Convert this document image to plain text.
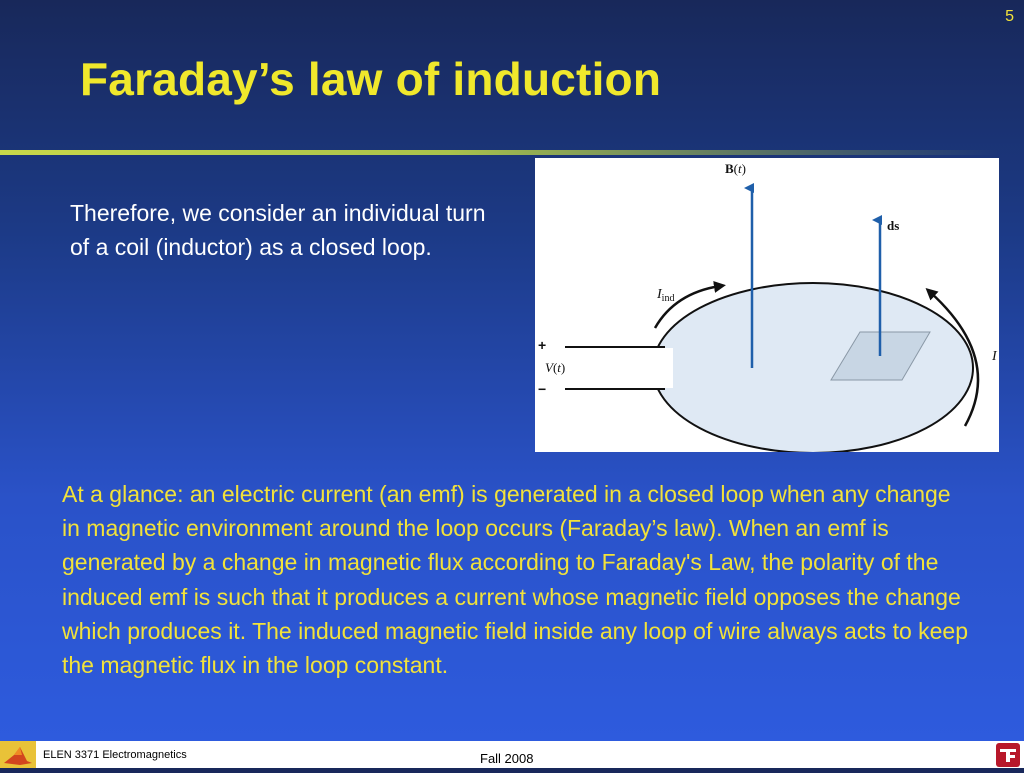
5
Faraday’s law of induction
Therefore, we consider an individual turn of a coil (inductor) as a closed loop.
B(t)
ds
$I_{ind}$
+
V(t)
−
I
At a glance: an electric current (an emf) is generated in a closed loop when any change in magnetic environment around the loop occurs (Faraday’s law). When an emf is generated by a change in magnetic flux according to Faraday's Law, the polarity of the induced emf is such that it produces a current whose magnetic field opposes the change which produces it. The induced magnetic field inside any loop of wire always acts to keep the magnetic flux in the loop constant.
ELEN 3371 Electromagnetics	Fall 2008
